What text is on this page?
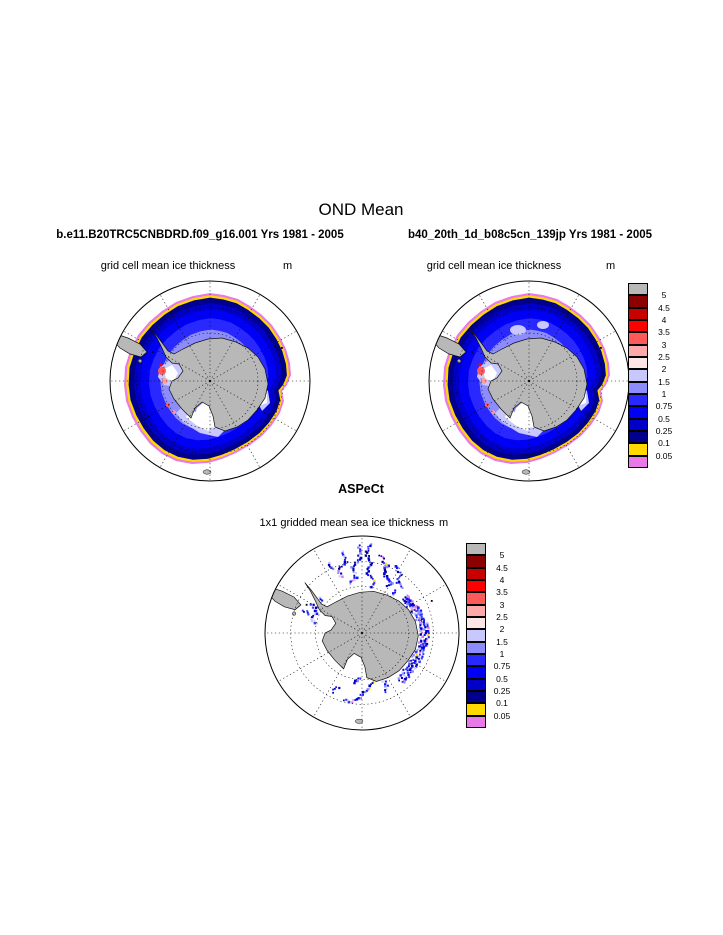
OND Mean
b.e11.B20TRC5CNBDRD.f09_g16.001 Yrs 1981 - 2005	b40_20th_1d_b08c5cn_139jp Yrs 1981 - 2005
grid cell mean ice thickness	m	grid cell mean ice thickness	m
5
4.5
4
3.5
3
2.5
2
1.5
1
0.75
0.5
0.25
0.1
0.05
ASPeCt
1x1 gridded mean sea ice thickness m
5
4.5
4
3.5
3
2.5
2
1.5
1
0.75
0.5
0.25
0.1
0.05
